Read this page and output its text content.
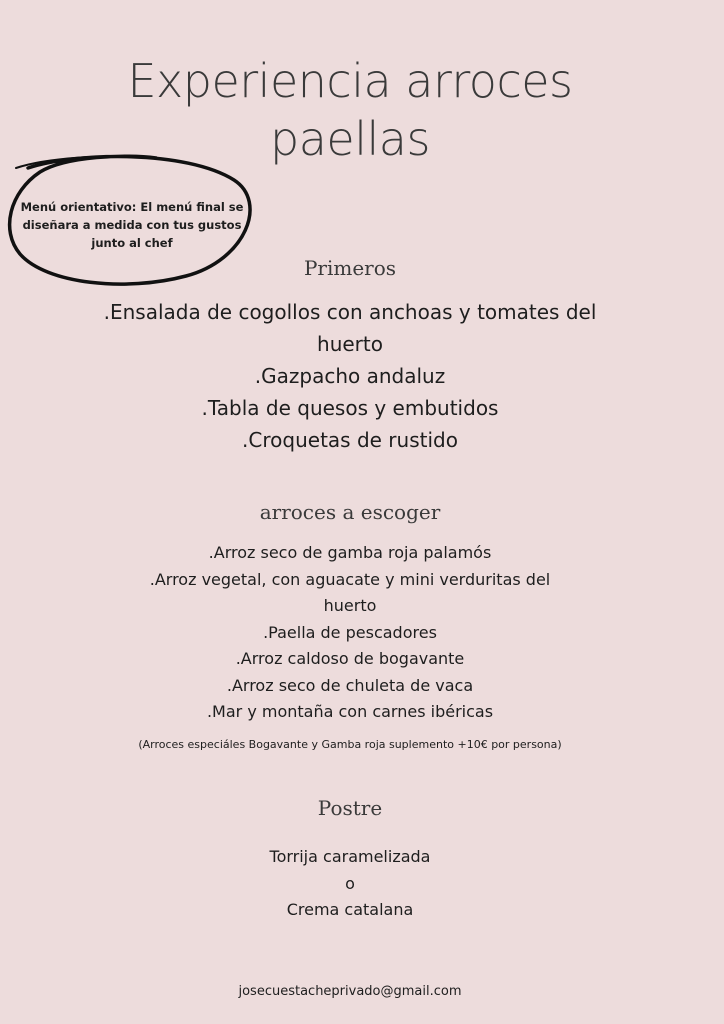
Experiencia arroces
paellas
Menú orientativo: El menú final se
diseñara a medida con tus gustos
junto al chef
Primeros
.Ensalada de cogollos con anchoas y tomates del
huerto
.Gazpacho andaluz
.Tabla de quesos y embutidos
.Croquetas de rustido
arroces a escoger
.Arroz seco de gamba roja palamós
.Arroz vegetal, con aguacate y mini verduritas del
huerto
.Paella de pescadores
.Arroz caldoso de bogavante
.Arroz seco de chuleta de vaca
.Mar y montaña con carnes ibéricas
(Arroces especiáles Bogavante y Gamba roja suplemento +10€ por persona)
Postre
Torrija caramelizada
o
Crema catalana
josecuestacheprivado@gmail.com
